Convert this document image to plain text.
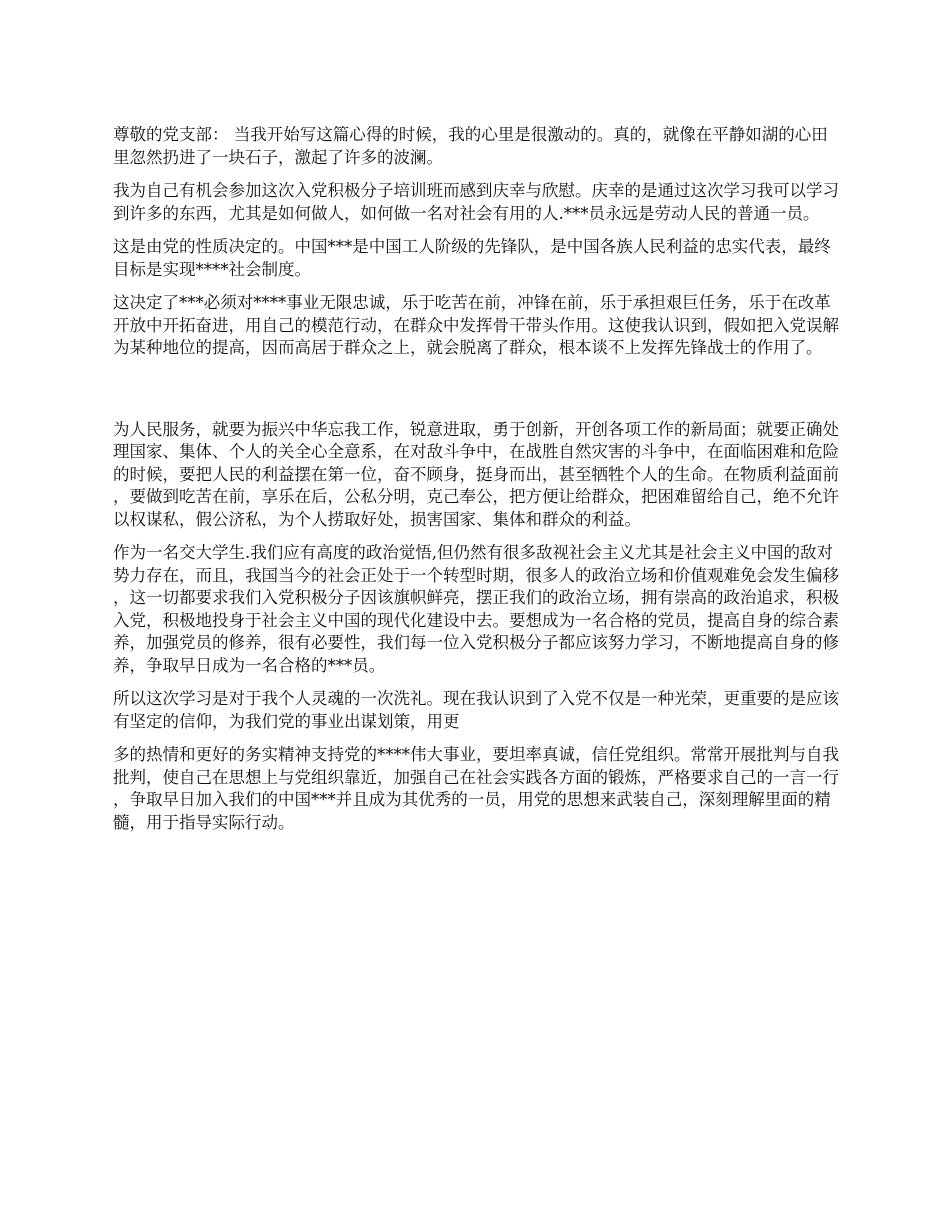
尊敬的党支部： 当我开始写这篇心得的时候，我的心里是很激动的。真的，就像在平静如湖的心田里忽然扔进了一块石子，激起了许多的波澜。

我为自己有机会参加这次入党积极分子培训班而感到庆幸与欣慰。庆幸的是通过这次学习我可以学习到许多的东西，尤其是如何做人，如何做一名对社会有用的人.***员永远是劳动人民的普通一员。

这是由党的性质决定的。中国***是中国工人阶级的先锋队，是中国各族人民利益的忠实代表，最终目标是实现****社会制度。

这决定了***必须对****事业无限忠诚，乐于吃苦在前，冲锋在前，乐于承担艰巨任务，乐于在改革开放中开拓奋进，用自己的模范行动，在群众中发挥骨干带头作用。这使我认识到，假如把入党误解为某种地位的提高，因而高居于群众之上，就会脱离了群众，根本谈不上发挥先锋战士的作用了。

为人民服务，就要为振兴中华忘我工作，锐意进取，勇于创新，开创各项工作的新局面；就要正确处理国家、集体、个人的关全心全意系，在对敌斗争中，在战胜自然灾害的斗争中，在面临困难和危险的时候，要把人民的利益摆在第一位，奋不顾身，挺身而出，甚至牺牲个人的生命。在物质利益面前，要做到吃苦在前，享乐在后，公私分明，克己奉公，把方便让给群众，把困难留给自己，绝不允许以权谋私，假公济私，为个人捞取好处，损害国家、集体和群众的利益。

作为一名交大学生.我们应有高度的政治觉悟,但仍然有很多敌视社会主义尤其是社会主义中国的敌对势力存在，而且，我国当今的社会正处于一个转型时期，很多人的政治立场和价值观难免会发生偏移，这一切都要求我们入党积极分子因该旗帜鲜亮，摆正我们的政治立场，拥有崇高的政治追求，积极入党，积极地投身于社会主义中国的现代化建设中去。要想成为一名合格的党员，提高自身的综合素养，加强党员的修养，很有必要性，我们每一位入党积极分子都应该努力学习，不断地提高自身的修养，争取早日成为一名合格的***员。

所以这次学习是对于我个人灵魂的一次洗礼。现在我认识到了入党不仅是一种光荣，更重要的是应该有坚定的信仰，为我们党的事业出谋划策，用更

多的热情和更好的务实精神支持党的****伟大事业，要坦率真诚，信任党组织。常常开展批判与自我批判，使自己在思想上与党组织靠近，加强自己在社会实践各方面的锻炼，严格要求自己的一言一行，争取早日加入我们的中国***并且成为其优秀的一员，用党的思想来武装自己，深刻理解里面的精髓，用于指导实际行动。
